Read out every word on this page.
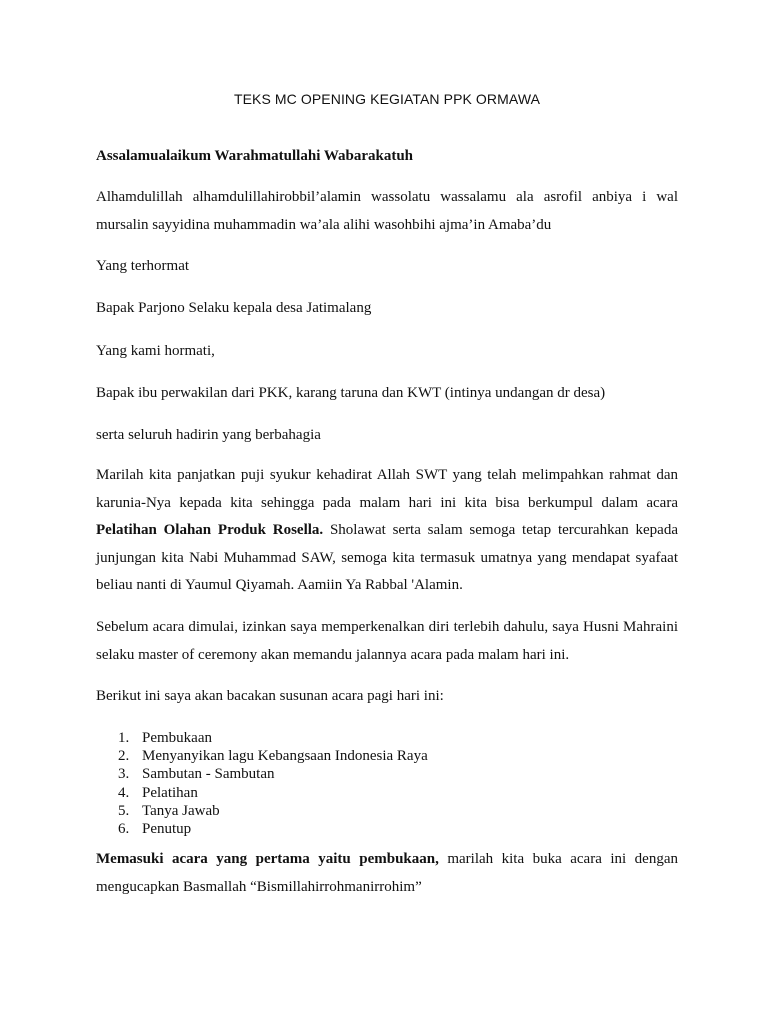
TEKS MC OPENING KEGIATAN PPK ORMAWA

Assalamualaikum Warahmatullahi Wabarakatuh

Alhamdulillah alhamdulillahirobbil’alamin wassolatu wassalamu ala asrofil anbiya i wal
mursalin sayyidina muhammadin wa’ala alihi wasohbihi ajma’in Amaba’du

Yang terhormat

Bapak Parjono Selaku kepala desa Jatimalang

Yang kami hormati,

Bapak ibu perwakilan dari PKK, karang taruna dan KWT (intinya undangan dr desa)

serta seluruh hadirin yang berbahagia

Marilah kita panjatkan puji syukur kehadirat Allah SWT yang telah melimpahkan rahmat dan
karunia-Nya kepada kita sehingga pada malam hari ini kita bisa berkumpul dalam acara
Pelatihan Olahan Produk Rosella. Sholawat serta salam semoga tetap tercurahkan kepada
junjungan kita Nabi Muhammad SAW, semoga kita termasuk umatnya yang mendapat syafaat
beliau nanti di Yaumul Qiyamah. Aamiin Ya Rabbal 'Alamin.

Sebelum acara dimulai, izinkan saya memperkenalkan diri terlebih dahulu, saya Husni Mahraini
selaku master of ceremony akan memandu jalannya acara pada malam hari ini.

Berikut ini saya akan bacakan susunan acara pagi hari ini:

1. Pembukaan
2. Menyanyikan lagu Kebangsaan Indonesia Raya
3. Sambutan - Sambutan
4. Pelatihan
5. Tanya Jawab
6. Penutup

Memasuki acara yang pertama yaitu pembukaan, marilah kita buka acara ini dengan
mengucapkan Basmallah “Bismillahirrohmanirrohim”
